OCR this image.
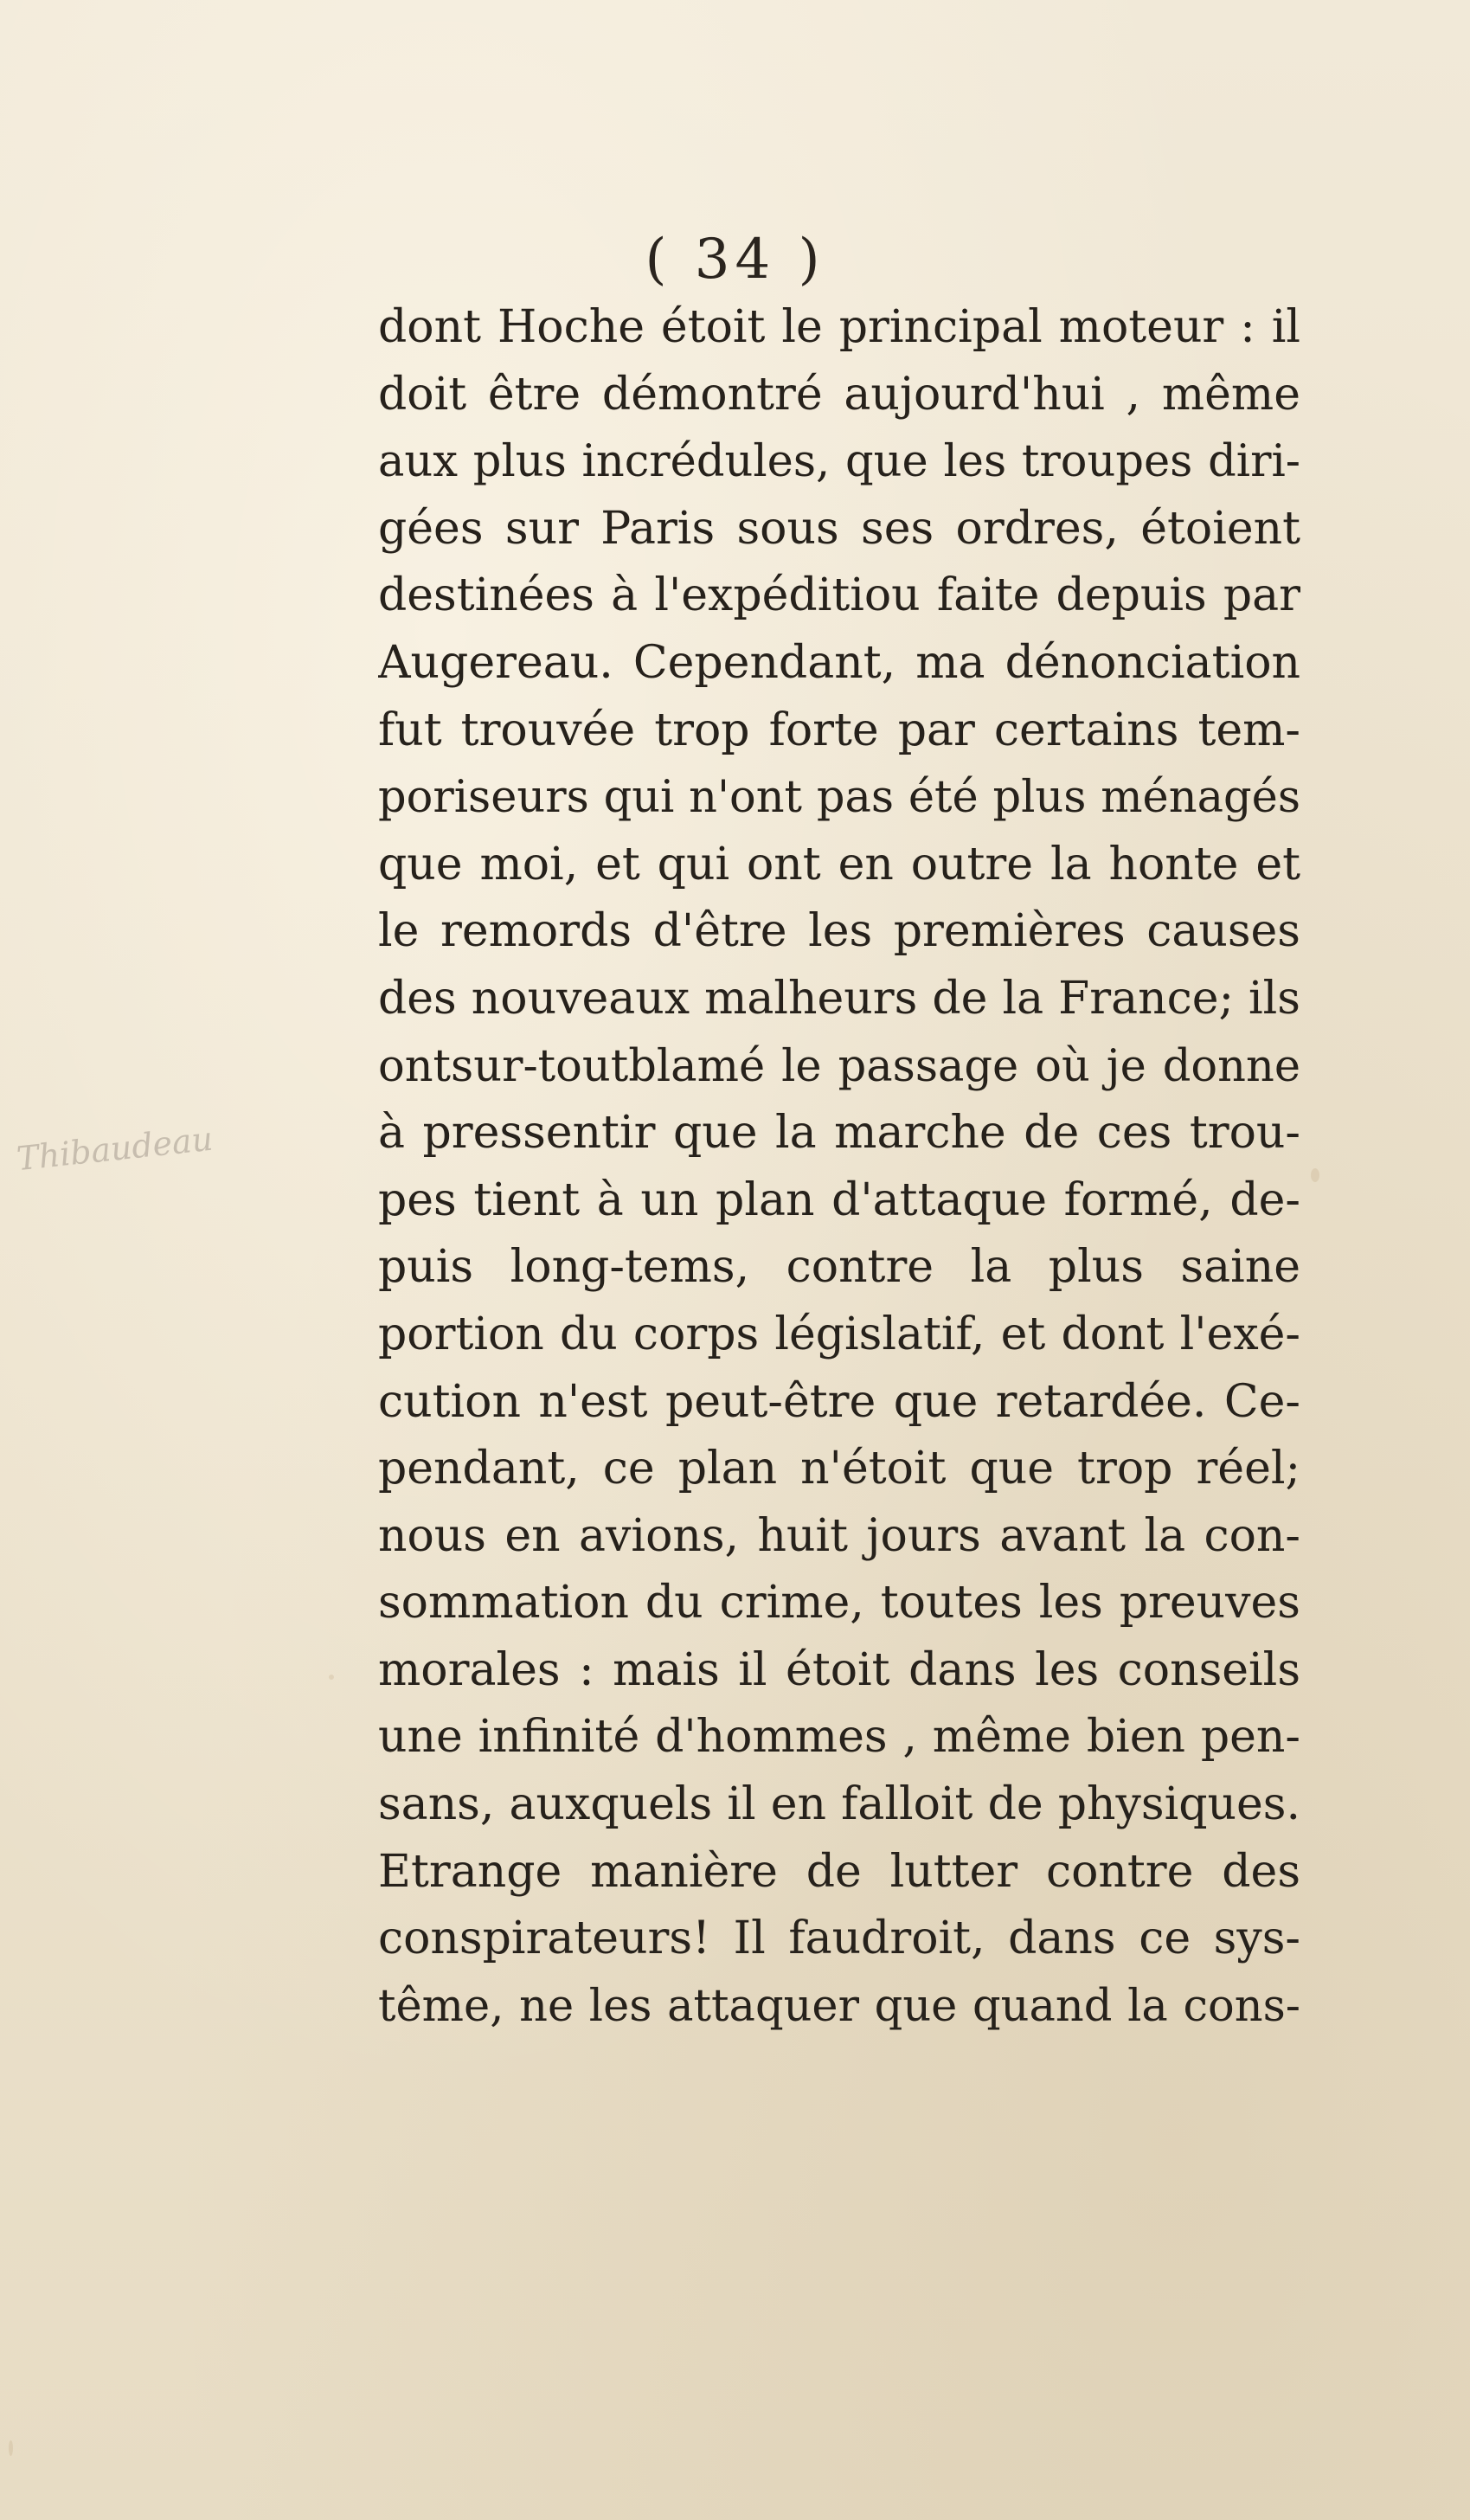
Thibaudeau
( 34 )
dont Hoche étoit le principal moteur : il
doit être démontré aujourd'hui , même
aux plus incrédules, que les troupes diri-
gées sur Paris sous ses ordres, étoient
destinées à l'expéditiou faite depuis par
Augereau. Cependant, ma dénonciation
fut trouvée trop forte par certains tem-
poriseurs qui n'ont pas été plus ménagés
que moi, et qui ont en outre la honte et
le remords d'être les premières causes
des nouveaux malheurs de la France; ils
ontsur-toutblamé le passage où je donne
à pressentir que la marche de ces trou-
pes tient à un plan d'attaque formé, de-
puis long-tems, contre la plus saine
portion du corps législatif, et dont l'exé-
cution n'est peut-être que retardée. Ce-
pendant, ce plan n'étoit que trop réel;
nous en avions, huit jours avant la con-
sommation du crime, toutes les preuves
morales : mais il étoit dans les conseils
une infinité d'hommes , même bien pen-
sans, auxquels il en falloit de physiques.
Etrange manière de lutter contre des
conspirateurs! Il faudroit, dans ce sys-
tême, ne les attaquer que quand la cons-
